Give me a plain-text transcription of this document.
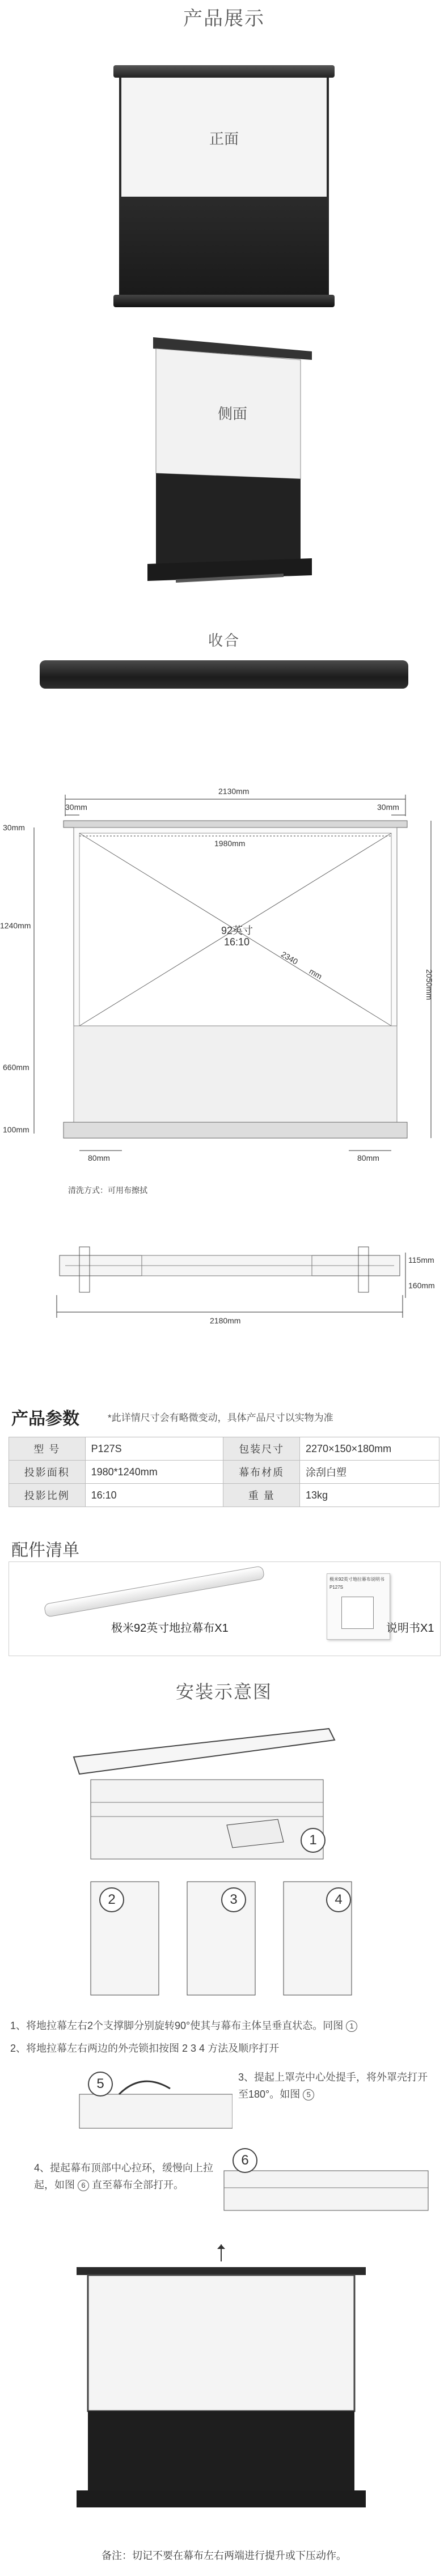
产品展示
正面
侧面
收合
2130mm
30mm	30mm
30mm
1980mm
1240mm
2050mm
660mm
100mm
92英寸
16:10
2340
mm
80mm	80mm
清洗方式：可用布擦拭
115mm
160mm
2180mm
产品参数	*此详情尺寸会有略微变动，具体产品尺寸以实物为准
型 号	P127S	包装尺寸	2270×150×180mm
投影面积	1980*1240mm	幕布材质	涂刮白塑
投影比例	16:10	重 量	13kg
配件清单
极米92英寸地拉幕布X1
极米92英寸地拉幕布说明书
P127S
说明书X1
安装示意图
1
2	3	4
1、将地拉幕左右2个支撑脚分别旋转90°使其与幕布主体呈垂直状态。同图 1
2、将地拉幕左右两边的外壳锁扣按图 2 3 4 方法及顺序打开
5	3、提起上罩壳中心处提手，将外罩壳打开至180°。如图 5
4、提起幕布顶部中心拉环，缓慢向上拉起，如图 6 直至幕布全部打开。
6
备注：切记不要在幕布左右两端进行提升或下压动作。
